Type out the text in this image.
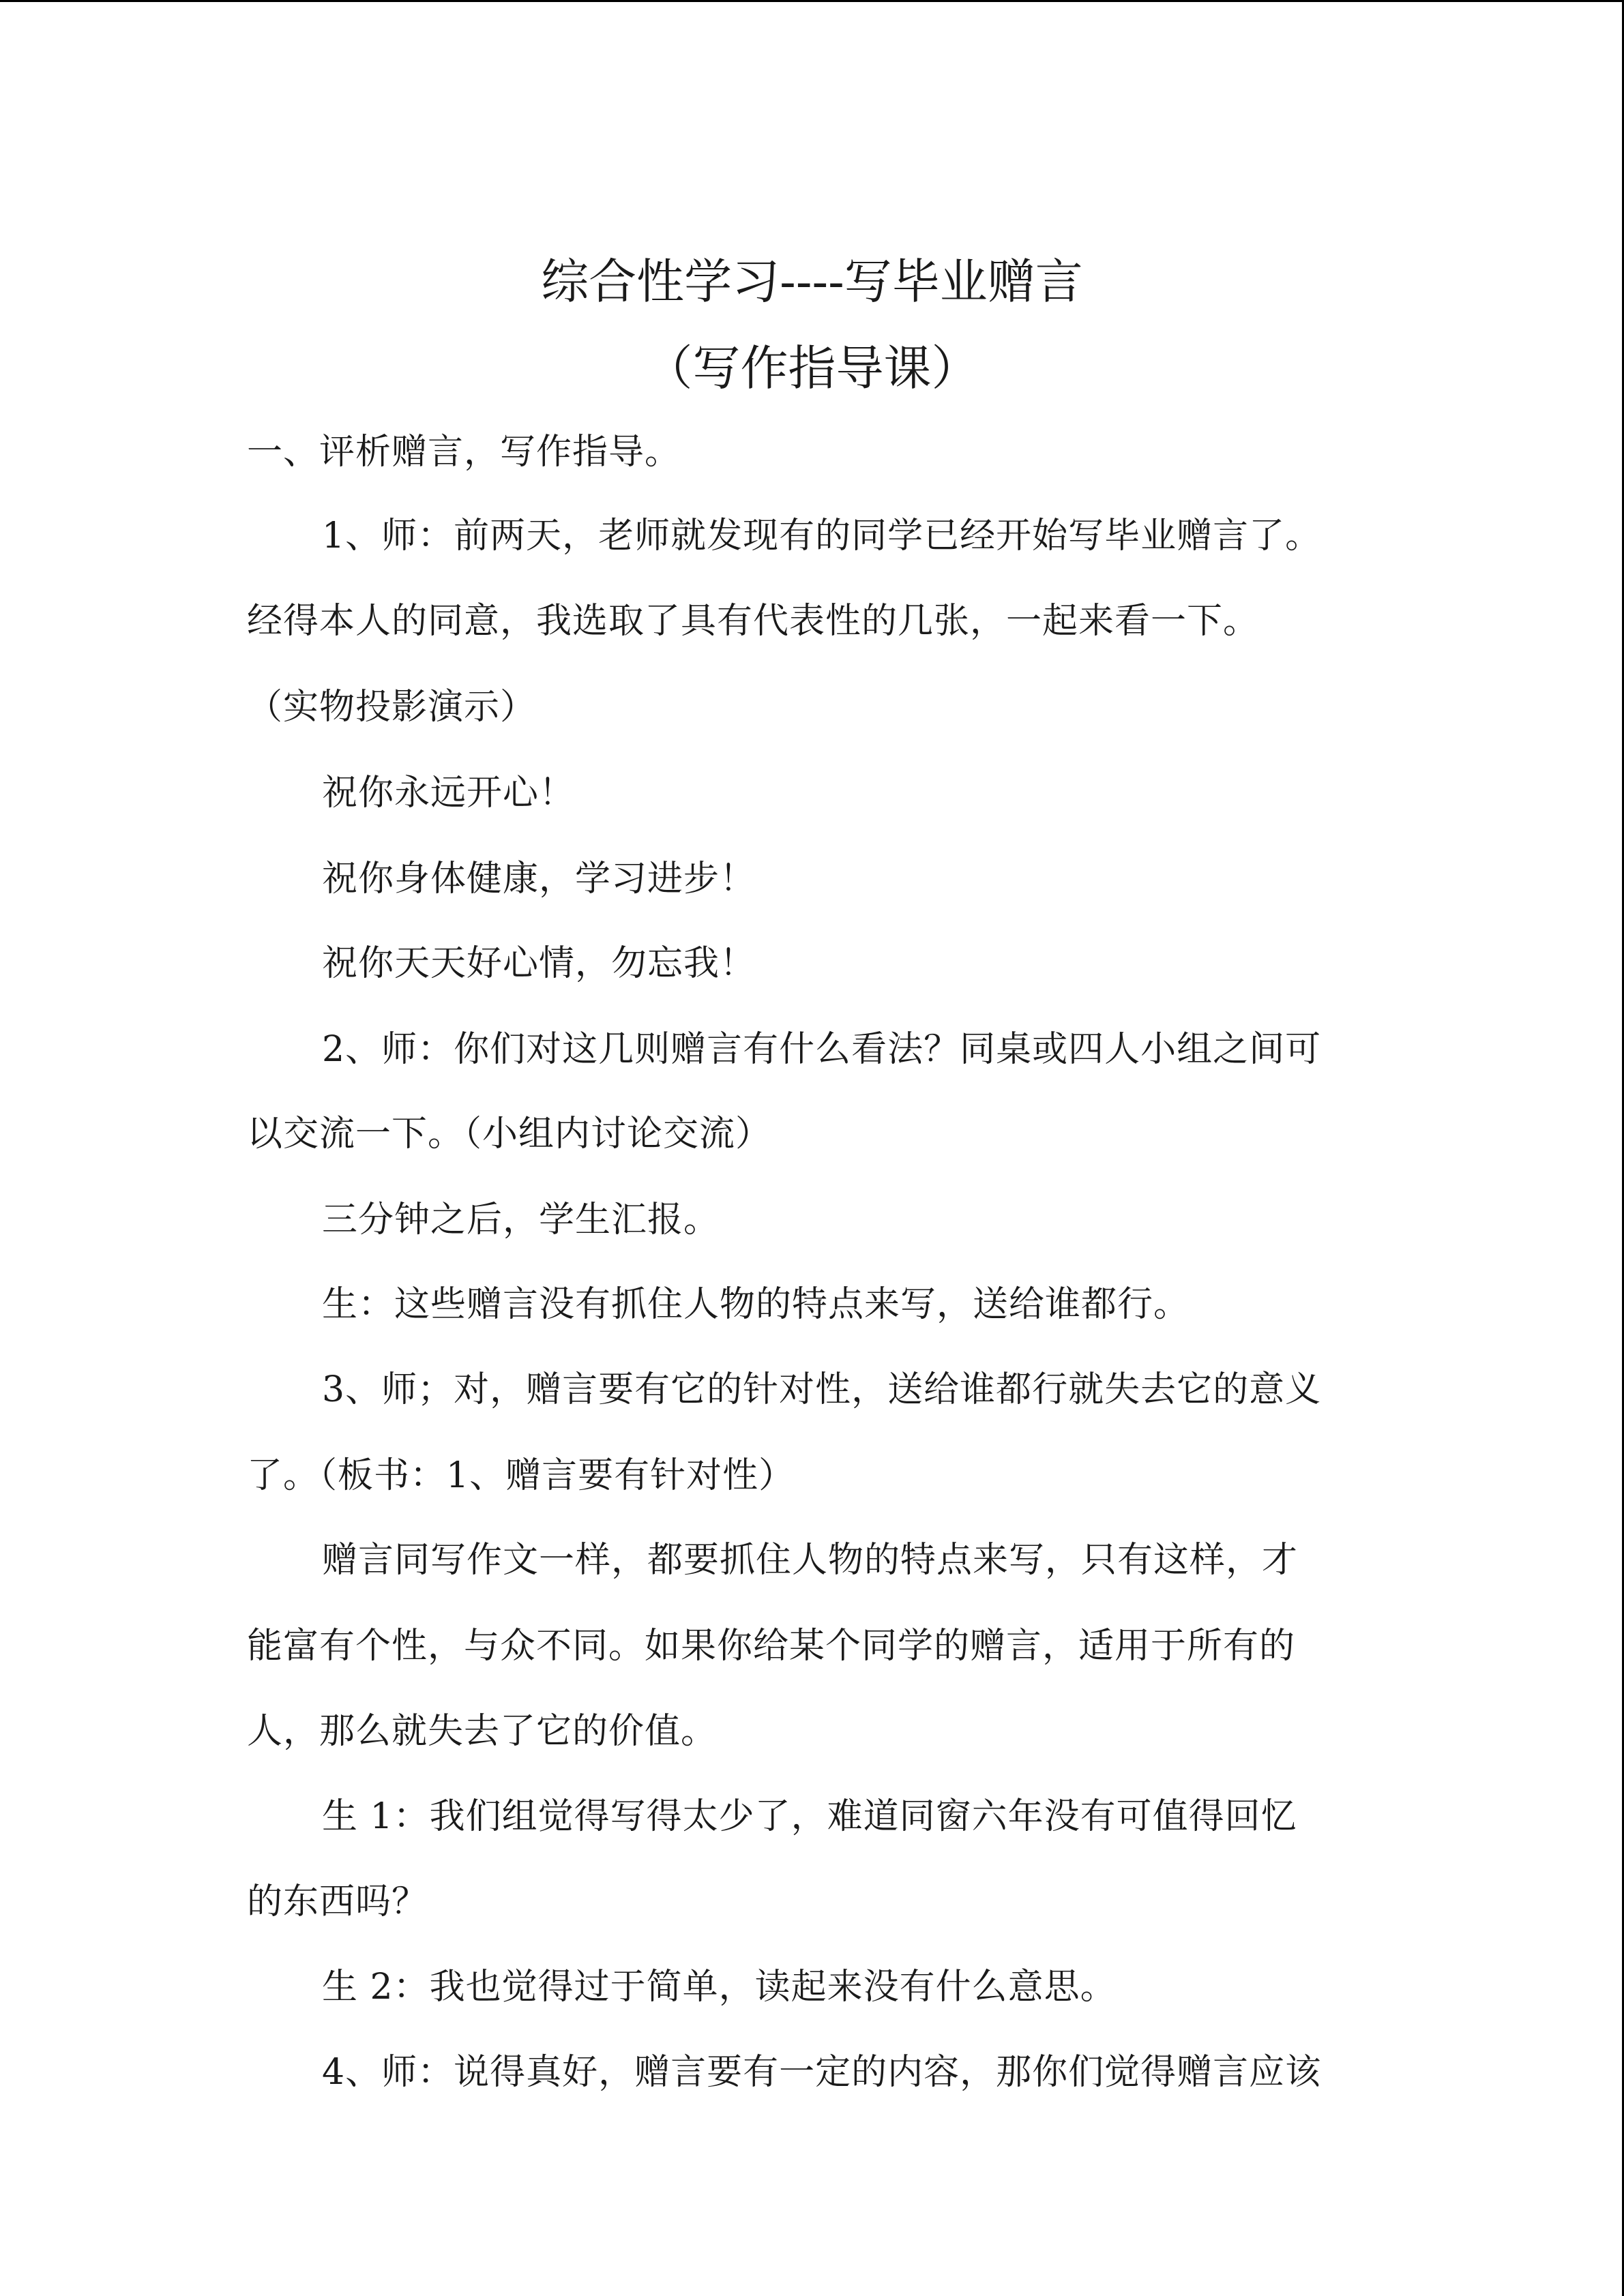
综合性学习----写毕业赠言
（写作指导课）
一、评析赠言，写作指导。
1、师：前两天，老师就发现有的同学已经开始写毕业赠言了。
经得本人的同意，我选取了具有代表性的几张，一起来看一下。
（实物投影演示）
祝你永远开心！
祝你身体健康，学习进步！
祝你天天好心情，勿忘我！
2、师：你们对这几则赠言有什么看法？同桌或四人小组之间可
以交流一下。（小组内讨论交流）
三分钟之后，学生汇报。
生：这些赠言没有抓住人物的特点来写，送给谁都行。
3、师；对，赠言要有它的针对性，送给谁都行就失去它的意义
了。（板书：1、赠言要有针对性）
赠言同写作文一样，都要抓住人物的特点来写，只有这样，才
能富有个性，与众不同。如果你给某个同学的赠言，适用于所有的
人，那么就失去了它的价值。
生 1：我们组觉得写得太少了，难道同窗六年没有可值得回忆
的东西吗？
生 2：我也觉得过于简单，读起来没有什么意思。
4、师：说得真好，赠言要有一定的内容，那你们觉得赠言应该
